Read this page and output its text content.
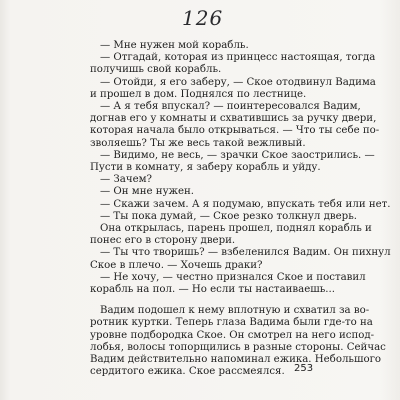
126
— Мне нужен мой корабль.
— Отгадай, которая из принцесс настоящая, тогда
получишь свой корабль.
— Отойди, я его заберу, — Ское отодвинул Вадима
и прошел в дом. Поднялся по лестнице.
— А я тебя впускал? — поинтересовался Вадим,
догнав его у комнаты и схватившись за ручку двери,
которая начала было открываться. — Что ты себе по-
зволяешь? Ты же весь такой вежливый.
— Видимо, не весь, — зрачки Ское заострились. —
Пусти в комнату, я заберу корабль и уйду.
— Зачем?
— Он мне нужен.
— Скажи зачем. А я подумаю, впускать тебя или нет.
— Ты пока думай, — Ское резко толкнул дверь.
Она открылась, парень прошел, поднял корабль и
понес его в сторону двери.
— Ты что творишь? — взбеленился Вадим. Он пихнул
Ское в плечо. — Хочешь драки?
— Не хочу, — честно признался Ское и поставил
корабль на пол. — Но если ты настаиваешь...
Вадим подошел к нему вплотную и схватил за во-
ротник куртки. Теперь глаза Вадима были где-то на
уровне подбородка Ское. Он смотрел на него испод-
лобья, волосы топорщились в разные стороны. Сейчас
Вадим действительно напоминал ежика. Небольшого
сердитого ежика. Ское рассмеялся. 253
